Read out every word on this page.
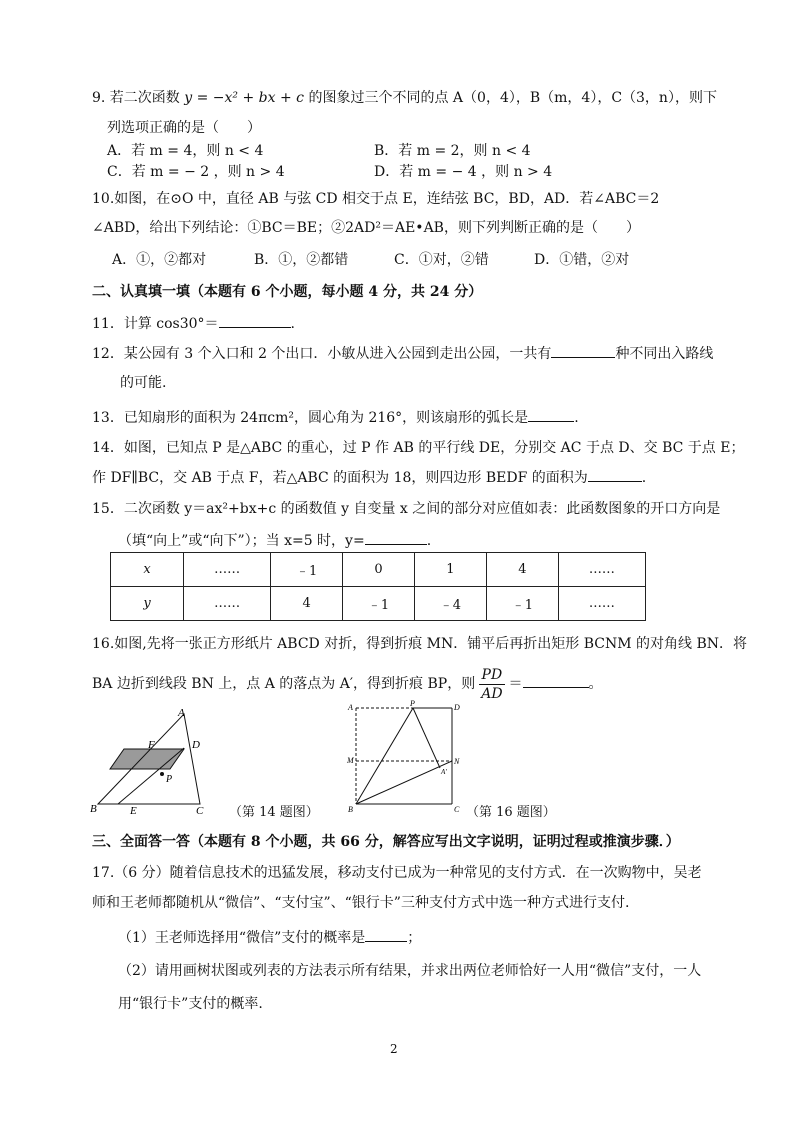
9. 若二次函数 y = −x² + bx + c 的图象过三个不同的点 A（0，4），B（m，4），C（3，n），则下
列选项正确的是（　　）
A．若 m = 4，则 n < 4	B．若 m = 2，则 n < 4
C．若 m = − 2 ，则 n > 4	D．若 m = − 4 ，则 n > 4
10.如图，在⊙O 中，直径 AB 与弦 CD 相交于点 E，连结弦 BC，BD，AD．若∠ABC＝2
∠ABD，给出下列结论：①BC＝BE；②2AD²＝AE•AB，则下列判断正确的是（　　）
A．①，②都对	B．①，②都错	C．①对，②错	D．①错，②对
二、认真填一填（本题有 6 个小题，每小题 4 分，共 24 分）
11．计算 cos30°＝	.
12．某公园有 3 个入口和 2 个出口．小敏从进入公园到走出公园，一共有	种不同出入路线
的可能.
13．已知扇形的面积为 24πcm²，圆心角为 216°，则该扇形的弧长是	.
14．如图，已知点 P 是△ABC 的重心，过 P 作 AB 的平行线 DE，分别交 AC 于点 D、交 BC 于点 E；
作 DF∥BC，交 AB 于点 F，若△ABC 的面积为 18，则四边形 BEDF 的面积为	.
15．二次函数 y＝ax²+bx+c 的函数值 y 自变量 x 之间的部分对应值如表：此函数图象的开口方向是
（填“向上”或“向下”）；当 x=5 时，y=	.
x	……	﹣1	0	1	4	……
y	……	4	﹣1	﹣4	﹣1	……
16.如图,先将一张正方形纸片 ABCD 对折，得到折痕 MN．铺平后再折出矩形 BCNM 的对角线 BN．将
BA 边折到线段 BN 上，点 A 的落点为 A′，得到折痕 BP，则 $\frac{PD}{AD}$ ＝	。
A
F	D
P
B	E	C （第 14 题图）
A	P	D
M	N
A′
B	C （第 16 题图）
三、全面答一答（本题有 8 个小题，共 66 分，解答应写出文字说明，证明过程或推演步骤．）
17.（6 分）随着信息技术的迅猛发展，移动支付已成为一种常见的支付方式．在一次购物中，吴老
师和王老师都随机从“微信”、“支付宝”、“银行卡”三种支付方式中选一种方式进行支付.
（1）王老师选择用“微信”支付的概率是	；
（2）请用画树状图或列表的方法表示所有结果，并求出两位老师恰好一人用“微信”支付，一人
用“银行卡”支付的概率.
2
